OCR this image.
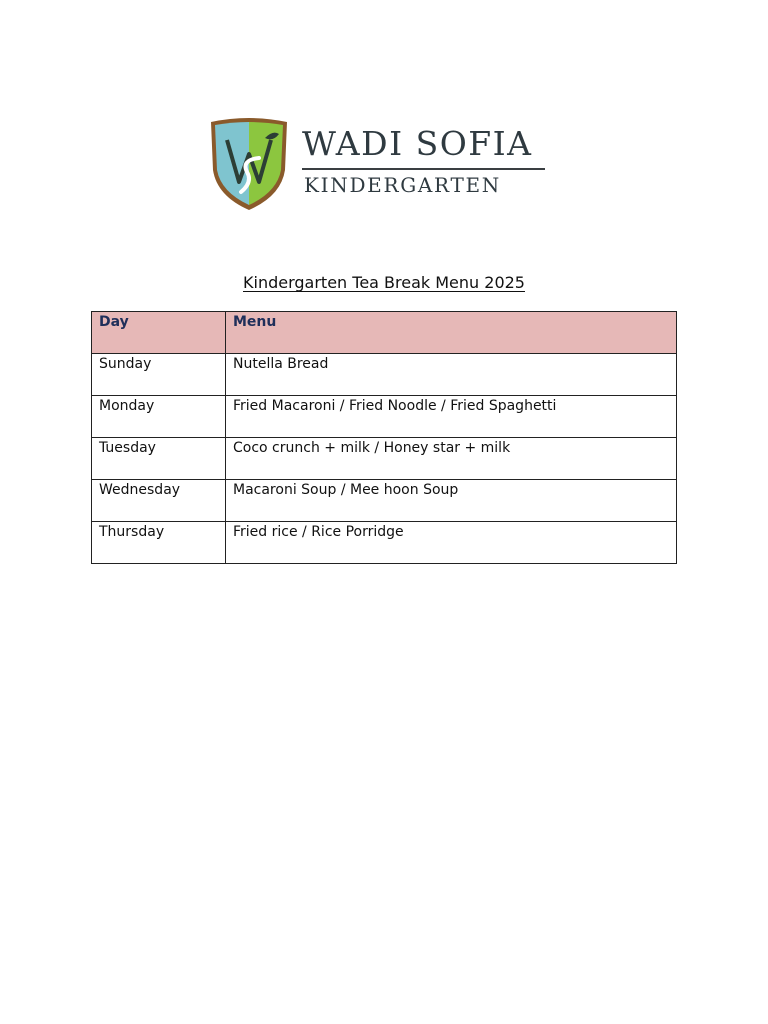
WADI SOFIA
KINDERGARTEN
Kindergarten Tea Break Menu 2025
Day	Menu
Sunday	Nutella Bread
Monday	Fried Macaroni / Fried Noodle / Fried Spaghetti
Tuesday	Coco crunch + milk / Honey star + milk
Wednesday	Macaroni Soup / Mee hoon Soup
Thursday	Fried rice / Rice Porridge
